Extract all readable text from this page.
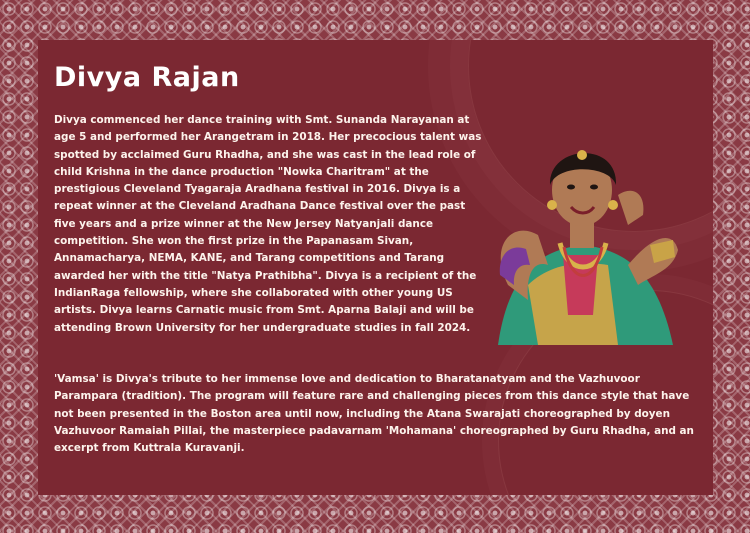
Divya Rajan
Divya commenced her dance training with Smt. Sunanda Narayanan at age 5 and performed her Arangetram in 2018. Her precocious talent was spotted by acclaimed Guru Rhadha, and she was cast in the lead role of child Krishna in the dance production "Nowka Charitram" at the prestigious Cleveland Tyagaraja Aradhana festival in 2016. Divya is a repeat winner at the Cleveland Aradhana Dance festival over the past five years and a prize winner at the New Jersey Natyanjali dance competition. She won the first prize in the Papanasam Sivan, Annamacharya, NEMA, KANE, and Tarang competitions and Tarang awarded her with the title "Natya Prathibha". Divya is a recipient of the IndianRaga fellowship, where she collaborated with other young US artists. Divya learns Carnatic music from Smt. Aparna Balaji and will be attending Brown University for her undergraduate studies in fall 2024.
'Vamsa' is Divya's tribute to her immense love and dedication to Bharatanatyam and the Vazhuvoor Parampara (tradition). The program will feature rare and challenging pieces from this dance style that have not been presented in the Boston area until now, including the Atana Swarajati choreographed by doyen Vazhuvoor Ramaiah Pillai, the masterpiece padavarnam 'Mohamana' choreographed by Guru Rhadha, and an excerpt from Kuttrala Kuravanji.
